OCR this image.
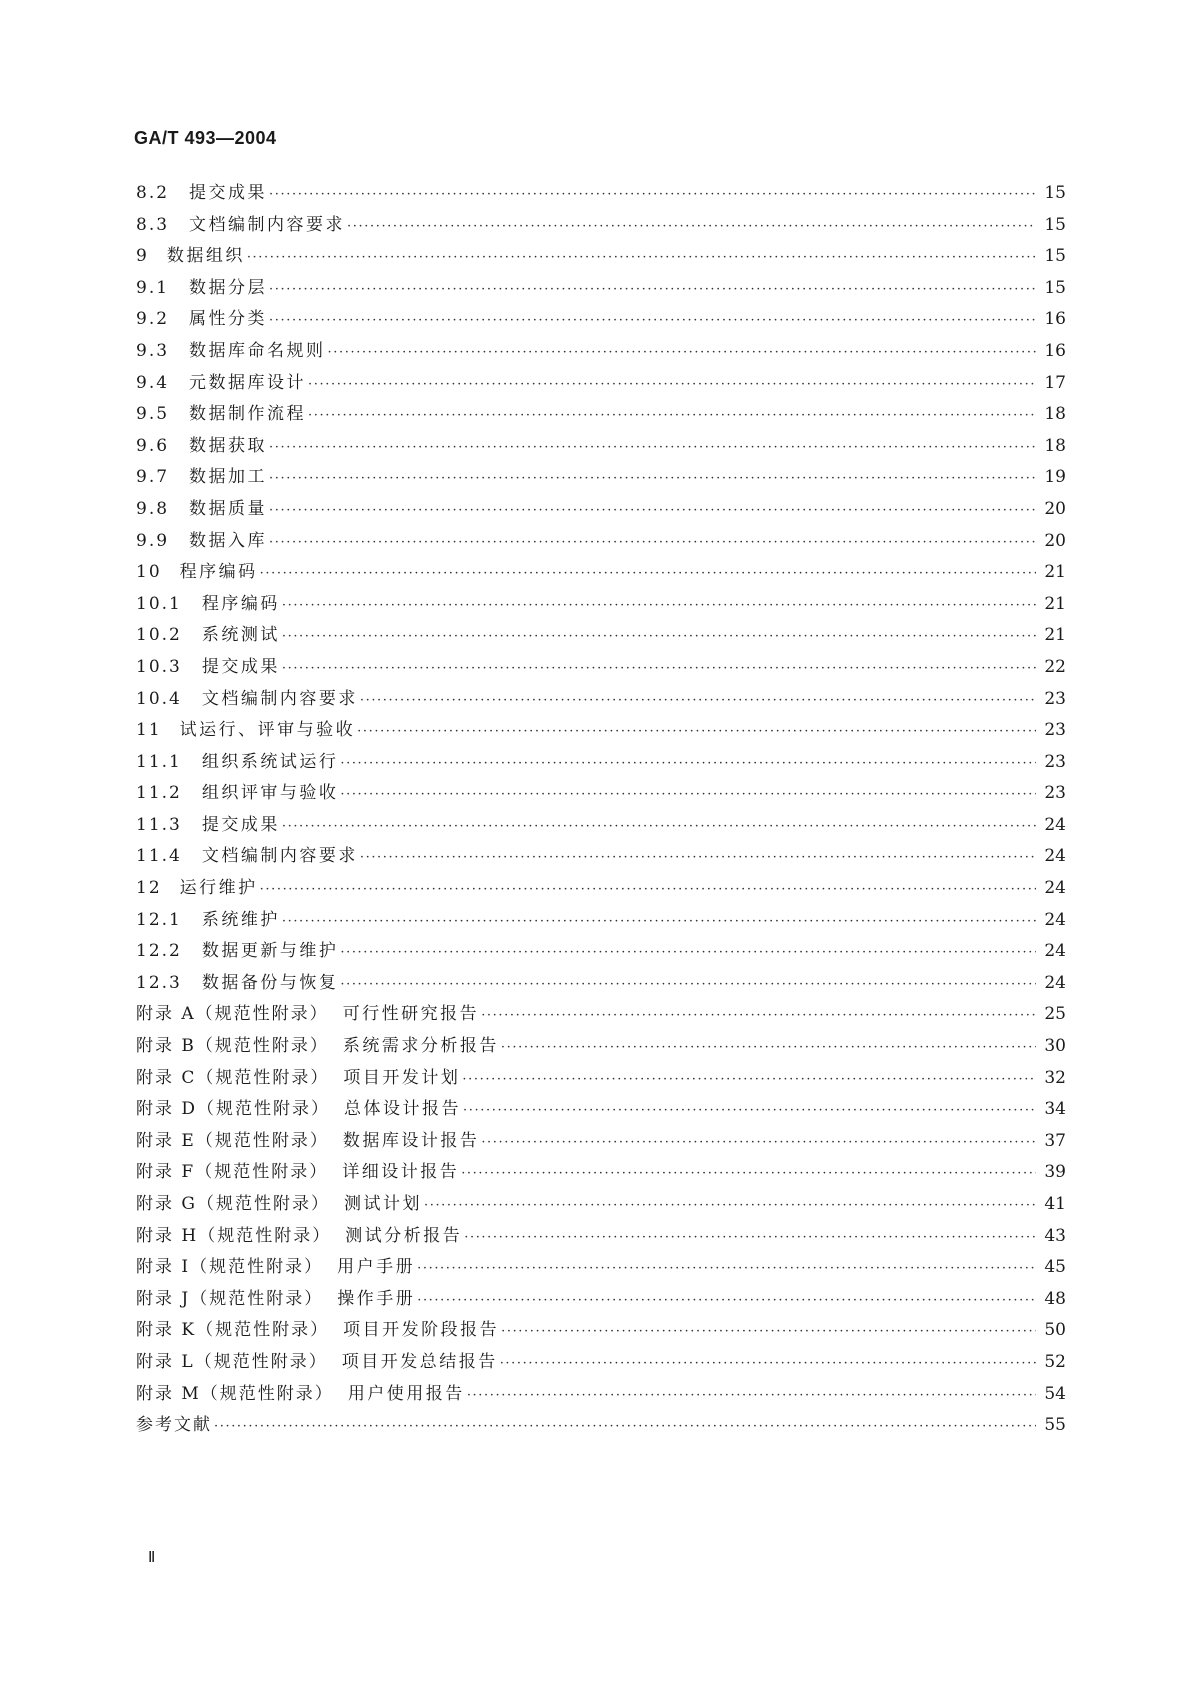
GA/T 493—2004
8.2 提交成果 ·····	15
8.3 文档编制内容要求 ·····	15
9 数据组织 ·····	15
9.1 数据分层 ·····	15
9.2 属性分类 ·····	16
9.3 数据库命名规则 ·····	16
9.4 元数据库设计 ·····	17
9.5 数据制作流程 ·····	18
9.6 数据获取 ·····	18
9.7 数据加工 ·····	19
9.8 数据质量 ·····	20
9.9 数据入库 ·····	20
10 程序编码 ·····	21
10.1 程序编码 ·····	21
10.2 系统测试 ·····	21
10.3 提交成果 ·····	22
10.4 文档编制内容要求 ·····	23
11 试运行、评审与验收 ·····	23
11.1 组织系统试运行 ·····	23
11.2 组织评审与验收 ·····	23
11.3 提交成果 ·····	24
11.4 文档编制内容要求 ·····	24
12 运行维护 ·····	24
12.1 系统维护 ·····	24
12.2 数据更新与维护 ·····	24
12.3 数据备份与恢复 ·····	24
附录 A（规范性附录） 可行性研究报告 ·····	25
附录 B（规范性附录） 系统需求分析报告 ·····	30
附录 C（规范性附录） 项目开发计划 ·····	32
附录 D（规范性附录） 总体设计报告 ·····	34
附录 E（规范性附录） 数据库设计报告 ·····	37
附录 F（规范性附录） 详细设计报告 ·····	39
附录 G（规范性附录） 测试计划 ·····	41
附录 H（规范性附录） 测试分析报告 ·····	43
附录 I（规范性附录） 用户手册 ·····	45
附录 J（规范性附录） 操作手册 ·····	48
附录 K（规范性附录） 项目开发阶段报告 ·····	50
附录 L（规范性附录） 项目开发总结报告 ·····	52
附录 M（规范性附录） 用户使用报告 ·····	54
参考文献 ·····	55
Ⅱ
